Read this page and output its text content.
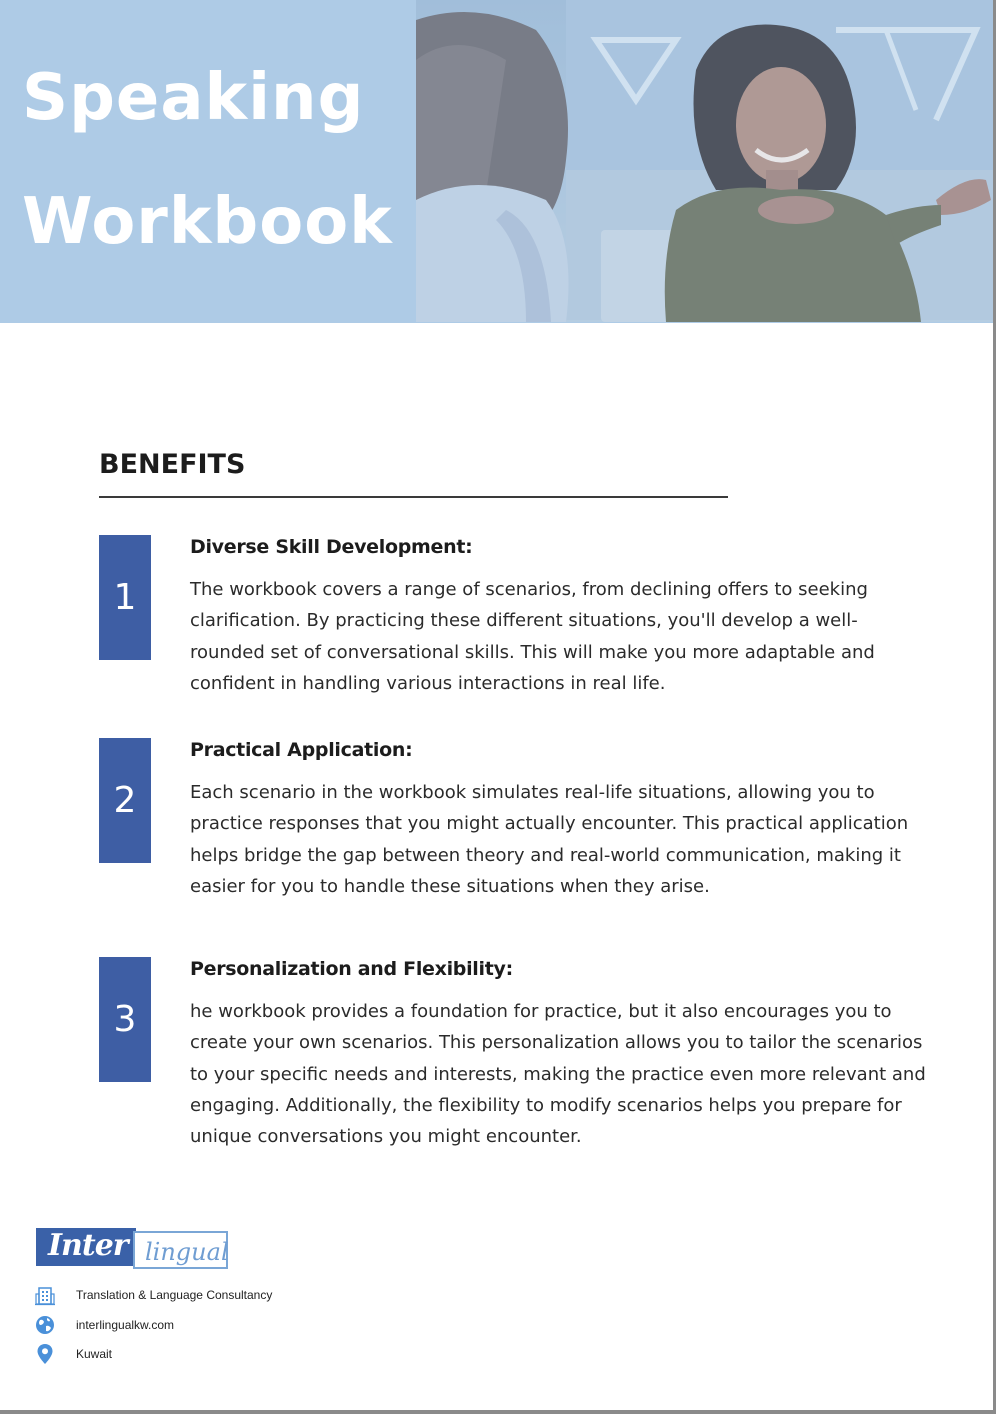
Speaking
Workbook
BENEFITS
1
Diverse Skill Development:

The workbook covers a range of scenarios, from declining offers to seeking clarification. By practicing these different situations, you'll develop a well-rounded set of conversational skills. This will make you more adaptable and confident in handling various interactions in real life.

2
Practical Application:

Each scenario in the workbook simulates real-life situations, allowing you to practice responses that you might actually encounter. This practical application helps bridge the gap between theory and real-world communication, making it easier for you to handle these situations when they arise.

3
Personalization and Flexibility:

he workbook provides a foundation for practice, but it also encourages you to create your own scenarios. This personalization allows you to tailor the scenarios to your specific needs and interests, making the practice even more relevant and engaging. Additionally, the flexibility to modify scenarios helps you prepare for unique conversations you might encounter.

Inter lingual
Translation & Language Consultancy
interlingualkw.com
Kuwait
